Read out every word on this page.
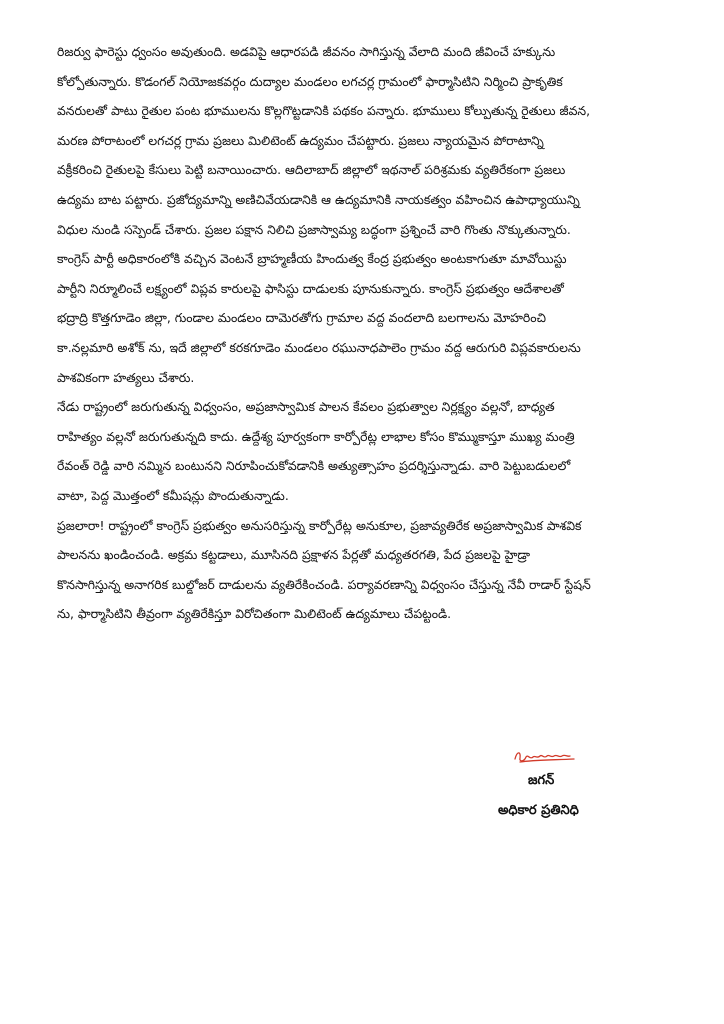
రిజర్వు ఫారెస్టు ధ్వంసం అవుతుంది. అడవిపై ఆధారపడి జీవనం సాగిస్తున్న వేలాది మంది జీవించే హక్కును
కోల్పోతున్నారు. కొడంగల్ నియోజకవర్గం దుద్యాల మండలం లగచర్ల గ్రామంలో ఫార్మాసిటిని నిర్మించి ప్రాకృతిక
వనరులతో పాటు రైతుల పంట భూములను కొల్లగొట్టడానికి పథకం పన్నారు. భూములు కోల్పుతున్న రైతులు జీవన,
మరణ పోరాటంలో లగచర్ల గ్రామ ప్రజలు మిలిటెంట్ ఉద్యమం చేపట్టారు. ప్రజలు న్యాయమైన పోరాటాన్ని
వక్రీకరించి రైతులపై కేసులు పెట్టి బనాయించారు. ఆదిలాబాద్ జిల్లాలో ఇథనాల్ పరిశ్రమకు వ్యతిరేకంగా ప్రజలు
ఉద్యమ బాట పట్టారు. ప్రజోద్యమాన్ని అణిచివేయడానికి ఆ ఉద్యమానికి నాయకత్వం వహించిన ఉపాధ్యాయున్ని
విధుల నుండి సస్పెండ్ చేశారు. ప్రజల పక్షాన నిలిచి ప్రజాస్వామ్య బద్ధంగా ప్రశ్నించే వారి గొంతు నొక్కుతున్నారు.
కాంగ్రెస్ పార్టీ అధికారంలోకి వచ్చిన వెంటనే బ్రాహ్మణీయ హిందుత్వ కేంద్ర ప్రభుత్వం అంటకాగుతూ మావోయిస్టు
పార్టీని నిర్మూలించే లక్ష్యంలో విప్లవ కారులపై ఫాసిస్టు దాడులకు పూనుకున్నారు. కాంగ్రెస్ ప్రభుత్వం ఆదేశాలతో
భద్రాద్రి కొత్తగూడెం జిల్లా, గుండాల మండలం దామెరతోగు గ్రామాల వద్ద వందలాది బలగాలను మోహరించి
కా.నల్లమారి అశోక్ ను, ఇదే జిల్లాలో కరకగూడెం మండలం రఘునాధపాలెం గ్రామం వద్ద ఆరుగురి విప్లవకారులను
పాశవికంగా హత్యలు చేశారు.
నేడు రాష్ట్రంలో జరుగుతున్న విధ్వంసం, అప్రజాస్వామిక పాలన కేవలం ప్రభుత్వాల నిర్లక్ష్యం వల్లనో, బాధ్యత
రాహిత్యం వల్లనో జరుగుతున్నది కాదు. ఉద్దేశ్య పూర్వకంగా కార్పోరేట్ల లాభాల కోసం కొమ్ముకాస్తూ ముఖ్య మంత్రి
రేవంత్ రెడ్డి వారి నమ్మిన బంటునని నిరూపించుకోవడానికి అత్యుత్సాహం ప్రదర్శిస్తున్నాడు. వారి పెట్టుబడులలో
వాటా, పెద్ద మొత్తంలో కమీషన్లు పొందుతున్నాడు.
ప్రజలారా! రాష్ట్రంలో కాంగ్రెస్ ప్రభుత్వం అనుసరిస్తున్న కార్పోరేట్ల అనుకూల, ప్రజావ్యతిరేక అప్రజాస్వామిక పాశవిక
పాలనను ఖండించండి. అక్రమ కట్టడాలు, మూసినది ప్రక్షాళన పేర్లతో మధ్యతరగతి, పేద ప్రజలపై హైడ్రా
కొనసాగిస్తున్న అనాగరిక బుల్డోజర్ దాడులను వ్యతిరేకించండి. పర్యావరణాన్ని విధ్వంసం చేస్తున్న నేవీ రాడార్ స్టేషన్
ను, ఫార్మాసిటిని తీవ్రంగా వ్యతిరేకిస్తూ విరోచితంగా మిలిటెంట్ ఉద్యమాలు చేపట్టండి.
జగన్
అధికార ప్రతినిధి
